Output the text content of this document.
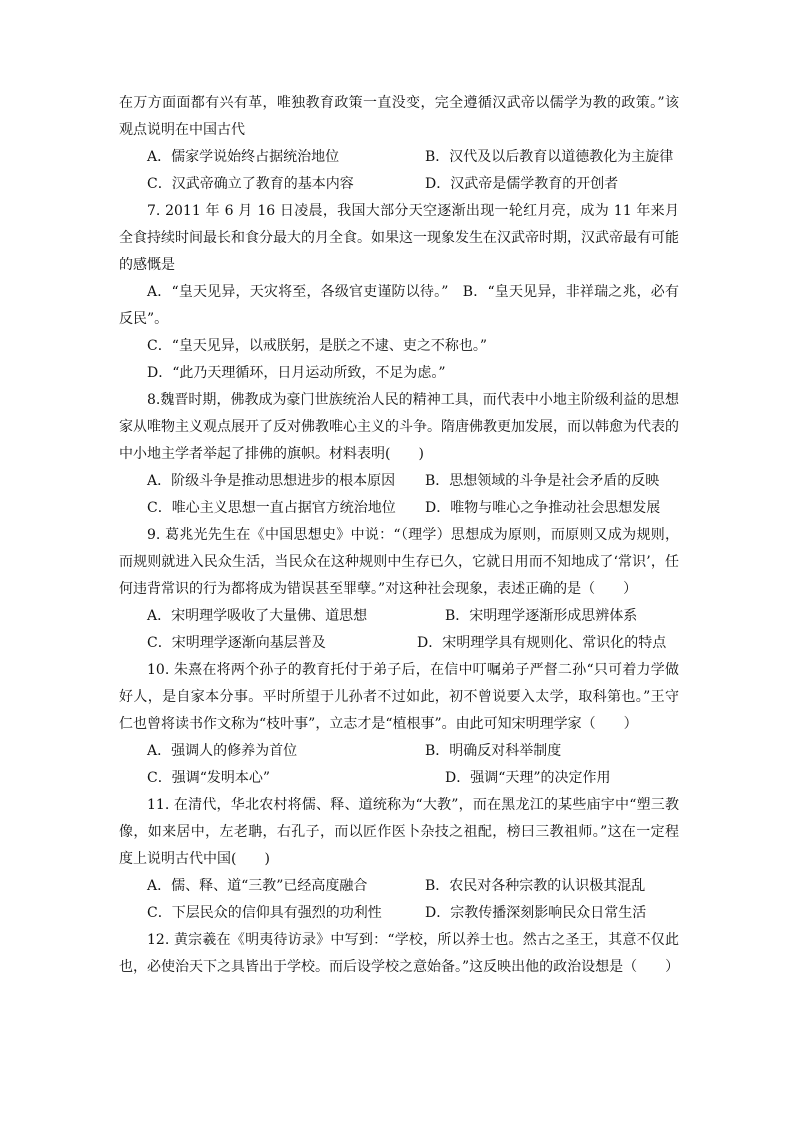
在万方面面都有兴有革，唯独教育政策一直没变，完全遵循汉武帝以儒学为教的政策。”该观点说明在中国古代

A．儒家学说始终占据统治地位	B．汉代及以后教育以道德教化为主旋律
C．汉武帝确立了教育的基本内容	D．汉武帝是儒学教育的开创者

7. 2011 年 6 月 16 日凌晨，我国大部分天空逐渐出现一轮红月亮，成为 11 年来月全食持续时间最长和食分最大的月全食。如果这一现象发生在汉武帝时期，汉武帝最有可能的感慨是

A．“皇天见异，天灾将至，各级官吏谨防以待。”　B．“皇天见异，非祥瑞之兆，必有反民”。

C．“皇天见异，以戒朕躬，是朕之不逮、吏之不称也。”

D．“此乃天理循环，日月运动所致，不足为虑。”

8.魏晋时期，佛教成为豪门世族统治人民的精神工具，而代表中小地主阶级利益的思想家从唯物主义观点展开了反对佛教唯心主义的斗争。隋唐佛教更加发展，而以韩愈为代表的中小地主学者举起了排佛的旗帜。材料表明(　　)

A．阶级斗争是推动思想进步的根本原因	B．思想领域的斗争是社会矛盾的反映
C．唯心主义思想一直占据官方统治地位	D．唯物与唯心之争推动社会思想发展

9. 葛兆光先生在《中国思想史》中说：“（理学）思想成为原则，而原则又成为规则，而规则就进入民众生活，当民众在这种规则中生存已久，它就日用而不知地成了‘常识’，任何违背常识的行为都将成为错误甚至罪孽。”对这种社会现象，表述正确的是（　　）

A．宋明理学吸收了大量佛、道思想	B．宋明理学逐渐形成思辨体系

C．宋明理学逐渐向基层普及	D．宋明理学具有规则化、常识化的特点

10. 朱熹在将两个孙子的教育托付于弟子后，在信中叮嘱弟子严督二孙“只可着力学做好人，是自家本分事。平时所望于儿孙者不过如此，初不曾说要入太学，取科第也。”王守仁也曾将读书作文称为“枝叶事”，立志才是“植根事”。由此可知宋明理学家（　　）

A．强调人的修养为首位	B．明确反对科举制度
C．强调“发明本心”	D．强调“天理”的决定作用

11. 在清代，华北农村将儒、释、道统称为“大教”，而在黑龙江的某些庙宇中“塑三教像，如来居中，左老聃，右孔子，而以匠作医卜杂技之祖配，榜曰三教祖师。”这在一定程度上说明古代中国(　　)

A．儒、释、道“三教”已经高度融合	B．农民对各种宗教的认识极其混乱
C．下层民众的信仰具有强烈的功利性	D．宗教传播深刻影响民众日常生活

12. 黄宗羲在《明夷待访录》中写到：“学校，所以养士也。然古之圣王，其意不仅此也，必使治天下之具皆出于学校。而后设学校之意始备。”这反映出他的政治设想是（　　）
